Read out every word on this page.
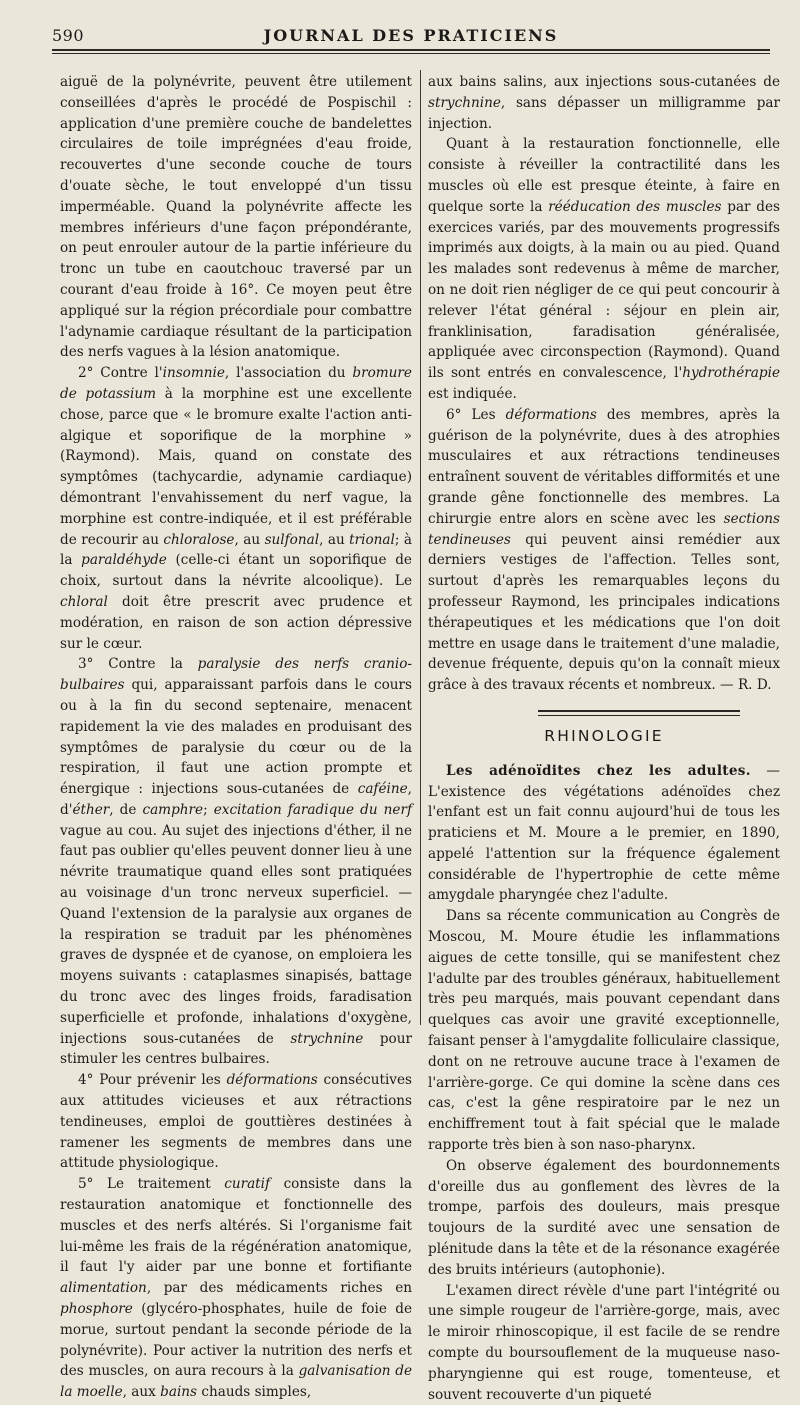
590	JOURNAL DES PRATICIENS

aiguë de la polynévrite, peuvent être utilement conseillées d'après le procédé de Pospischil : application d'une première couche de bandelettes circulaires de toile imprégnées d'eau froide, recouvertes d'une seconde couche de tours d'ouate sèche, le tout enveloppé d'un tissu imperméable. Quand la polynévrite affecte les membres inférieurs d'une façon prépondérante, on peut enrouler autour de la partie inférieure du tronc un tube en caoutchouc traversé par un courant d'eau froide à 16°. Ce moyen peut être appliqué sur la région précordiale pour combattre l'adynamie cardiaque résultant de la participation des nerfs vagues à la lésion anatomique.

2° Contre l'insomnie, l'association du bromure de potassium à la morphine est une excellente chose, parce que « le bromure exalte l'action anti-algique et soporifique de la morphine » (Raymond). Mais, quand on constate des symptômes (tachycardie, adynamie cardiaque) démontrant l'envahissement du nerf vague, la morphine est contre-indiquée, et il est préférable de recourir au chloralose, au sulfonal, au trional; à la paraldéhyde (celle-ci étant un soporifique de choix, surtout dans la névrite alcoolique). Le chloral doit être prescrit avec prudence et modération, en raison de son action dépressive sur le cœur.

3° Contre la paralysie des nerfs cranio-bulbaires qui, apparaissant parfois dans le cours ou à la fin du second septenaire, menacent rapidement la vie des malades en produisant des symptômes de paralysie du cœur ou de la respiration, il faut une action prompte et énergique : injections sous-cutanées de caféine, d'éther, de camphre; excitation faradique du nerf vague au cou. Au sujet des injections d'éther, il ne faut pas oublier qu'elles peuvent donner lieu à une névrite traumatique quand elles sont pratiquées au voisinage d'un tronc nerveux superficiel. — Quand l'extension de la paralysie aux organes de la respiration se traduit par les phénomènes graves de dyspnée et de cyanose, on emploiera les moyens suivants : cataplasmes sinapisés, battage du tronc avec des linges froids, faradisation superficielle et profonde, inhalations d'oxygène, injections sous-cutanées de strychnine pour stimuler les centres bulbaires.

4° Pour prévenir les déformations consécutives aux attitudes vicieuses et aux rétractions tendineuses, emploi de gouttières destinées à ramener les segments de membres dans une attitude physiologique.

5° Le traitement curatif consiste dans la restauration anatomique et fonctionnelle des muscles et des nerfs altérés. Si l'organisme fait lui-même les frais de la régénération anatomique, il faut l'y aider par une bonne et fortifiante alimentation, par des médicaments riches en phosphore (glycéro-phosphates, huile de foie de morue, surtout pendant la seconde période de la polynévrite). Pour activer la nutrition des nerfs et des muscles, on aura recours à la galvanisation de la moelle, aux bains chauds simples,

aux bains salins, aux injections sous-cutanées de strychnine, sans dépasser un milligramme par injection.

Quant à la restauration fonctionnelle, elle consiste à réveiller la contractilité dans les muscles où elle est presque éteinte, à faire en quelque sorte la rééducation des muscles par des exercices variés, par des mouvements progressifs imprimés aux doigts, à la main ou au pied. Quand les malades sont redevenus à même de marcher, on ne doit rien négliger de ce qui peut concourir à relever l'état général : séjour en plein air, franklinisation, faradisation généralisée, appliquée avec circonspection (Raymond). Quand ils sont entrés en convalescence, l'hydrothérapie est indiquée.

6° Les déformations des membres, après la guérison de la polynévrite, dues à des atrophies musculaires et aux rétractions tendineuses entraînent souvent de véritables difformités et une grande gêne fonctionnelle des membres. La chirurgie entre alors en scène avec les sections tendineuses qui peuvent ainsi remédier aux derniers vestiges de l'affection. Telles sont, surtout d'après les remarquables leçons du professeur Raymond, les principales indications thérapeutiques et les médications que l'on doit mettre en usage dans le traitement d'une maladie, devenue fréquente, depuis qu'on la connaît mieux grâce à des travaux récents et nombreux. — R. D.

RHINOLOGIE

Les adénoïdites chez les adultes. — L'existence des végétations adénoïdes chez l'enfant est un fait connu aujourd'hui de tous les praticiens et M. Moure a le premier, en 1890, appelé l'attention sur la fréquence également considérable de l'hypertrophie de cette même amygdale pharyngée chez l'adulte.

Dans sa récente communication au Congrès de Moscou, M. Moure étudie les inflammations aigues de cette tonsille, qui se manifestent chez l'adulte par des troubles généraux, habituellement très peu marqués, mais pouvant cependant dans quelques cas avoir une gravité exceptionnelle, faisant penser à l'amygdalite folliculaire classique, dont on ne retrouve aucune trace à l'examen de l'arrière-gorge. Ce qui domine la scène dans ces cas, c'est la gêne respiratoire par le nez un enchiffrement tout à fait spécial que le malade rapporte très bien à son naso-pharynx.

On observe également des bourdonnements d'oreille dus au gonflement des lèvres de la trompe, parfois des douleurs, mais presque toujours de la surdité avec une sensation de plénitude dans la tête et de la résonance exagérée des bruits intérieurs (autophonie).

L'examen direct révèle d'une part l'intégrité ou une simple rougeur de l'arrière-gorge, mais, avec le miroir rhinoscopique, il est facile de se rendre compte du boursouflement de la muqueuse naso-pharyngienne qui est rouge, tomenteuse, et souvent recouverte d'un piqueté
